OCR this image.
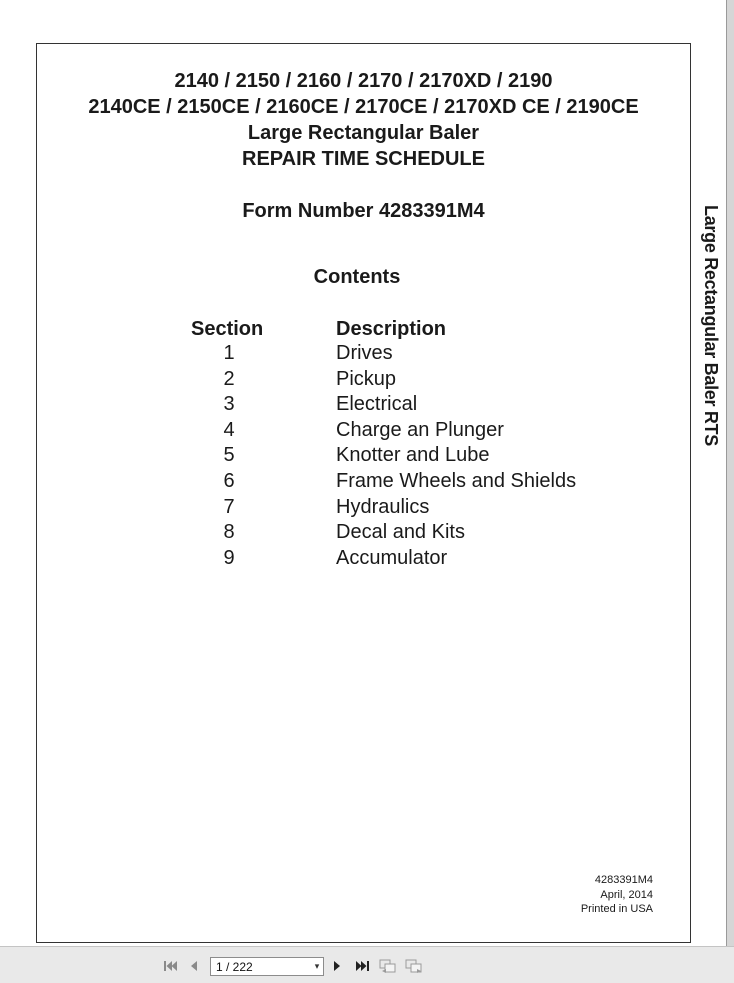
2140 / 2150 / 2160 / 2170 / 2170XD / 2190
2140CE / 2150CE / 2160CE / 2170CE / 2170XD CE / 2190CE
Large Rectangular Baler
REPAIR TIME SCHEDULE
Form Number 4283391M4
Contents
Section	Description
1	Drives
2	Pickup
3	Electrical
4	Charge an Plunger
5	Knotter and Lube
6	Frame Wheels and Shields
7	Hydraulics
8	Decal and Kits
9	Accumulator
4283391M4
April, 2014
Printed in USA
Large Rectangular Baler RTS
1 / 222	▾
